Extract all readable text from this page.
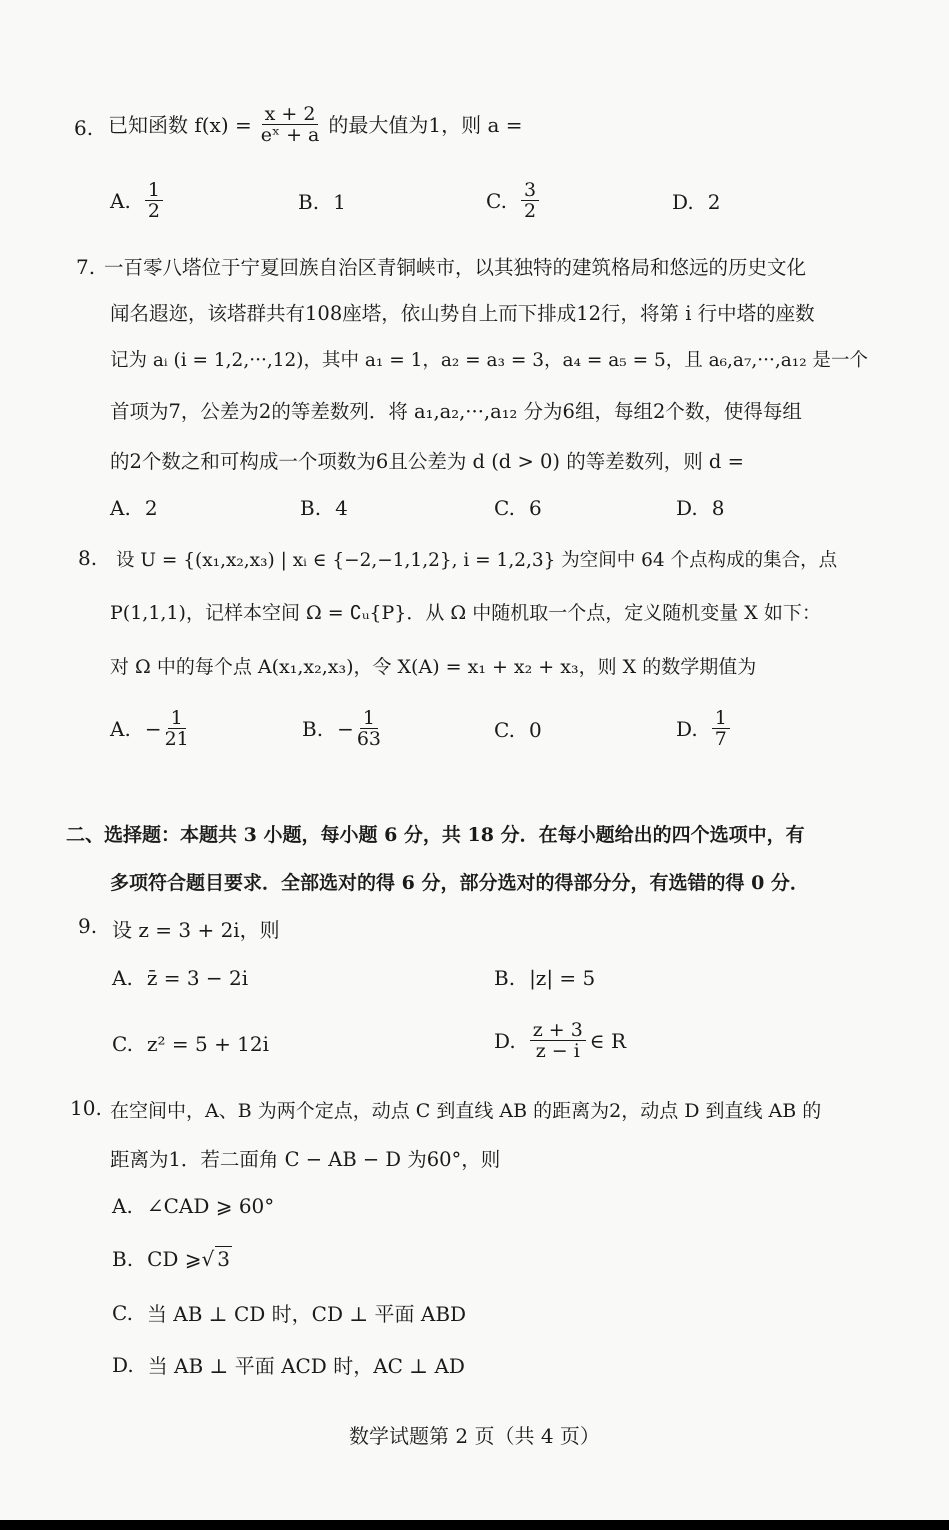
6. 已知函数 $f(x) = \frac{x + 2}{\text{eˣ + a}}$ 的最大值为1，则 a =
A. $\frac{1}{2}$	B. 1	C. $\frac{3}{2}$	D. 2
7. 一百零八塔位于宁夏回族自治区青铜峡市，以其独特的建筑格局和悠远的历史文化
闻名遐迩，该塔群共有108座塔，依山势自上而下排成12行，将第 i 行中塔的座数
记为 aᵢ (i = 1,2,···,12)，其中 a₁ = 1，a₂ = a₃ = 3，a₄ = a₅ = 5，且 a₆,a₇,···,a₁₂ 是一个
首项为7，公差为2的等差数列．将 a₁,a₂,···,a₁₂ 分为6组，每组2个数，使得每组
的2个数之和可构成一个项数为6且公差为 d (d > 0) 的等差数列，则 d =
A. 2	B. 4	C. 6	D. 8
8. 设 U = {(x₁,x₂,x₃) | xᵢ ∈ {−2,−1,1,2}, i = 1,2,3} 为空间中 64 个点构成的集合，点
P(1,1,1)，记样本空间 Ω = ∁ᵤ{P}．从 Ω 中随机取一个点，定义随机变量 X 如下：
对 Ω 中的每个点 A(x₁,x₂,x₃)，令 X(A) = x₁ + x₂ + x₃，则 X 的数学期值为
A. − $\frac{1}{21}$	B. − $\frac{1}{63}$	C. 0	D. $\frac{1}{7}$
二、选择题：本题共 3 小题，每小题 6 分，共 18 分．在每小题给出的四个选项中，有
多项符合题目要求．全部选对的得 6 分，部分选对的得部分分，有选错的得 0 分．
9. 设 z = 3 + 2i，则
A. z̄ = 3 − 2i	B. |z| = 5
C. z² = 5 + 12i	D. $\frac{z + 3}{z - i}$ ∈ R
10. 在空间中，A、B 为两个定点，动点 C 到直线 AB 的距离为2，动点 D 到直线 AB 的
距离为1．若二面角 C − AB − D 为60°，则
A. ∠CAD ⩾ 60°
B. CD ⩾ √ 3
C. 当 AB ⊥ CD 时，CD ⊥ 平面 ABD
D. 当 AB ⊥ 平面 ACD 时，AC ⊥ AD
数学试题第 2 页（共 4 页）
